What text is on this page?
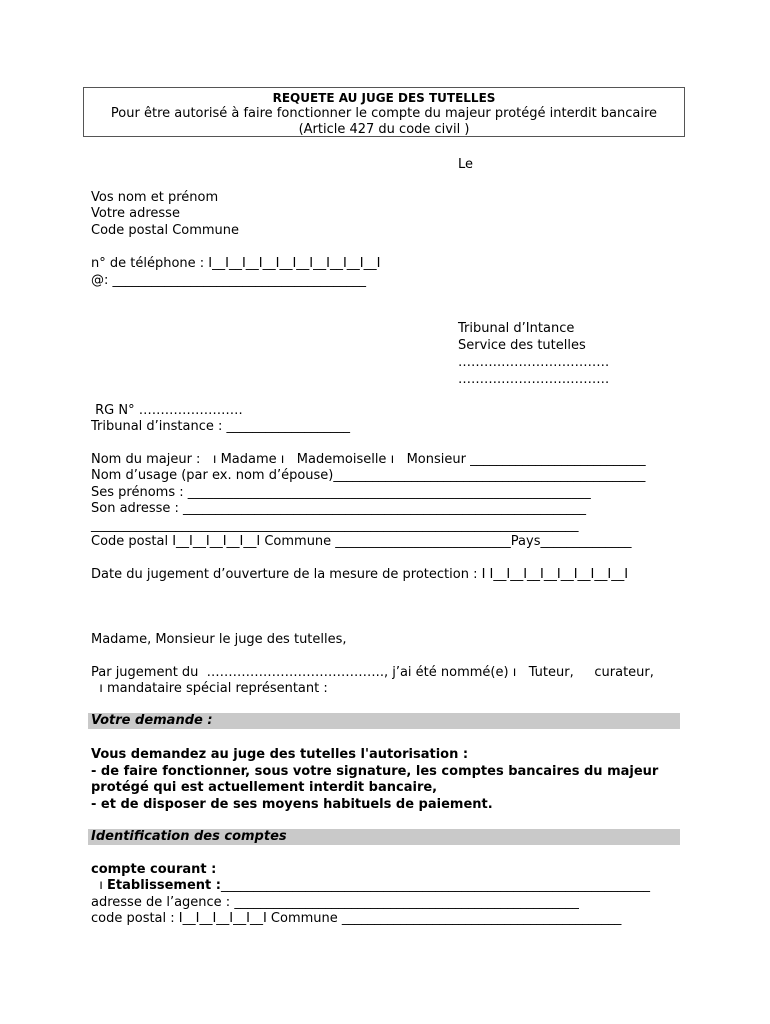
REQUETE AU JUGE DES TUTELLES
Pour être autorisé à faire fonctionner le compte du majeur protégé interdit bancaire
(Article 427 du code civil )
Le
Vos nom et prénom
Votre adresse
Code postal Commune
n° de téléphone : I__I__I__I__I__I__I__I__I__I__I
@: _______________________________________
Tribunal d’Intance
Service des tutelles
……….…………….………
……….…………….………
RG N° ……………………
Tribunal d’instance : ___________________
Nom du majeur :   ı Madame ı   Mademoiselle ı   Monsieur ___________________________
Nom d’usage (par ex. nom d’épouse)________________________________________________
Ses prénoms : ______________________________________________________________
Son adresse : ______________________________________________________________
___________________________________________________________________________
Code postal I__I__I__I__I__I Commune ___________________________Pays______________
Date du jugement d’ouverture de la mesure de protection : I I__I__I__I__I__I__I__I__I
Madame, Monsieur le juge des tutelles,
Par jugement du  ………………………………….., j’ai été nommé(e) ı   Tuteur,     curateur,
ı mandataire spécial représentant :
Votre demande :
Vous demandez au juge des tutelles l'autorisation :
- de faire fonctionner, sous votre signature, les comptes bancaires du majeur
protégé qui est actuellement interdit bancaire,
- et de disposer de ses moyens habituels de paiement.
Identification des comptes
compte courant :
ı Etablissement :__________________________________________________________________
adresse de l’agence : _____________________________________________________
code postal : I__I__I__I__I__I Commune ___________________________________________
